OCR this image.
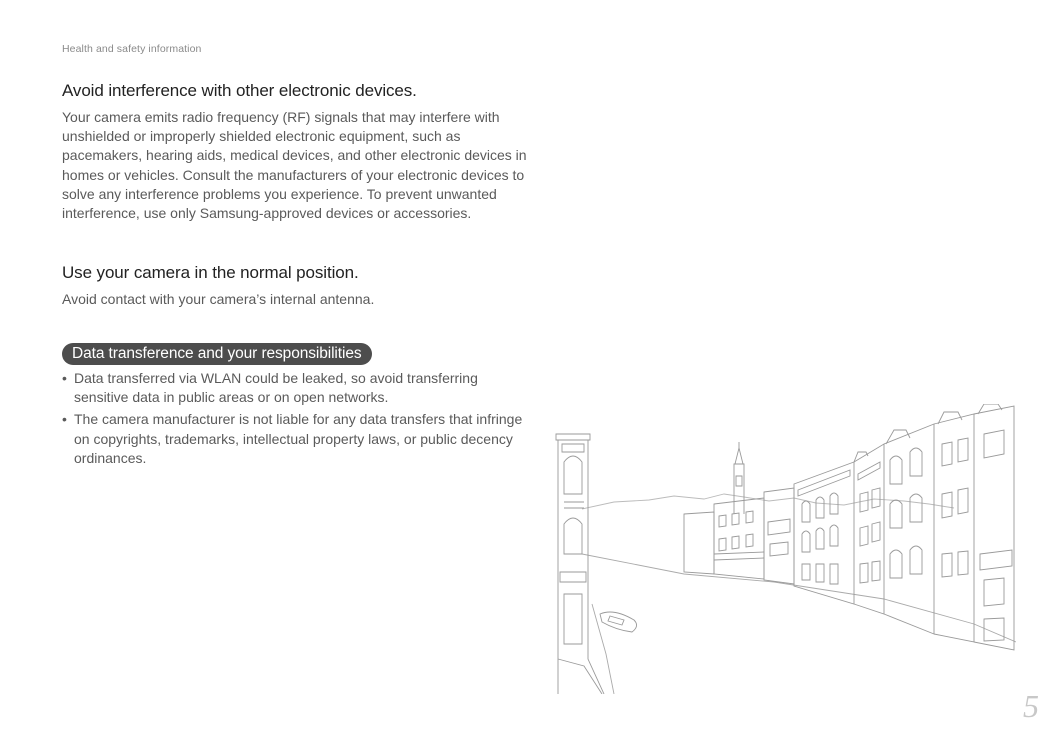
Health and safety information
Avoid interference with other electronic devices.

Your camera emits radio frequency (RF) signals that may interfere with unshielded or improperly shielded electronic equipment, such as pacemakers, hearing aids, medical devices, and other electronic devices in homes or vehicles. Consult the manufacturers of your electronic devices to solve any interference problems you experience. To prevent unwanted interference, use only Samsung-approved devices or accessories.

Use your camera in the normal position.

Avoid contact with your camera’s internal antenna.

Data transference and your responsibilities
• Data transferred via WLAN could be leaked, so avoid transferring sensitive data in public areas or on open networks.
• The camera manufacturer is not liable for any data transfers that infringe on copyrights, trademarks, intellectual property laws, or public decency ordinances.
5
